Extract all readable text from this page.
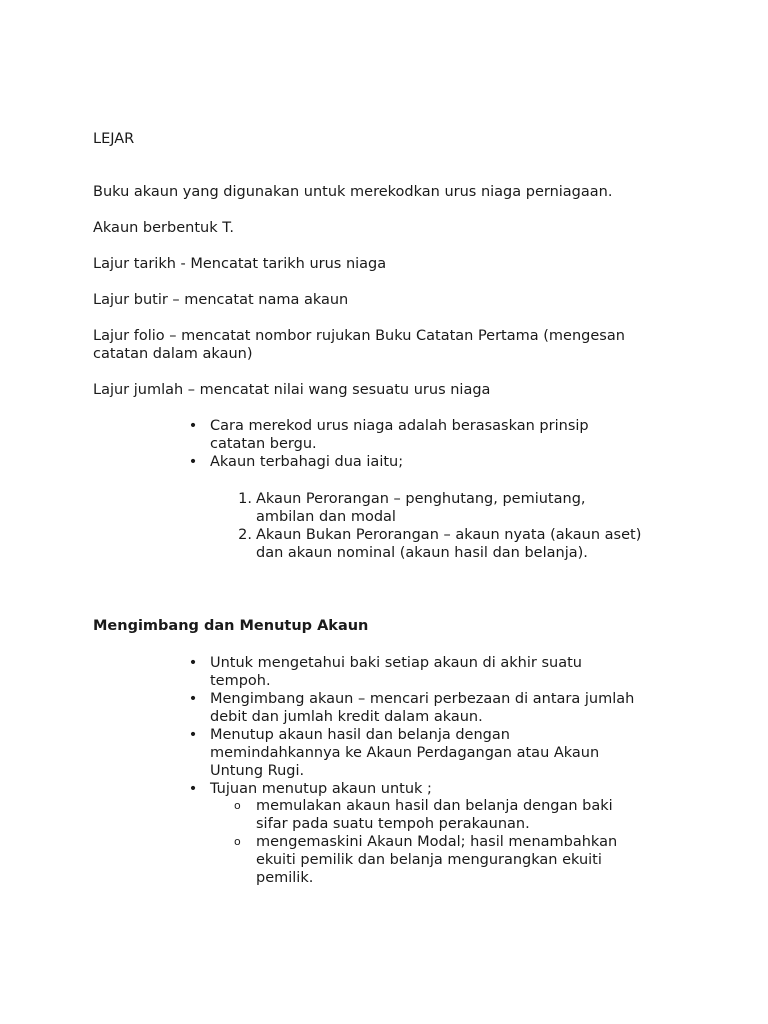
LEJAR
Buku akaun yang digunakan untuk merekodkan urus niaga perniagaan.
Akaun berbentuk T.
Lajur tarikh - Mencatat tarikh urus niaga
Lajur butir – mencatat nama akaun
Lajur folio – mencatat nombor rujukan Buku Catatan Pertama (mengesan
catatan dalam akaun)
Lajur jumlah – mencatat nilai wang sesuatu urus niaga
• Cara merekod urus niaga adalah berasaskan prinsip
catatan bergu.
• Akaun terbahagi dua iaitu;
1. Akaun Perorangan – penghutang, pemiutang,
ambilan dan modal
2. Akaun Bukan Perorangan – akaun nyata (akaun aset)
dan akaun nominal (akaun hasil dan belanja).
Mengimbang dan Menutup Akaun
• Untuk mengetahui baki setiap akaun di akhir suatu
tempoh.
• Mengimbang akaun – mencari perbezaan di antara jumlah
debit dan jumlah kredit dalam akaun.
• Menutup akaun hasil dan belanja dengan
memindahkannya ke Akaun Perdagangan atau Akaun
Untung Rugi.
• Tujuan menutup akaun untuk ;
o memulakan akaun hasil dan belanja dengan baki
sifar pada suatu tempoh perakaunan.
o mengemaskini Akaun Modal; hasil menambahkan
ekuiti pemilik dan belanja mengurangkan ekuiti
pemilik.
